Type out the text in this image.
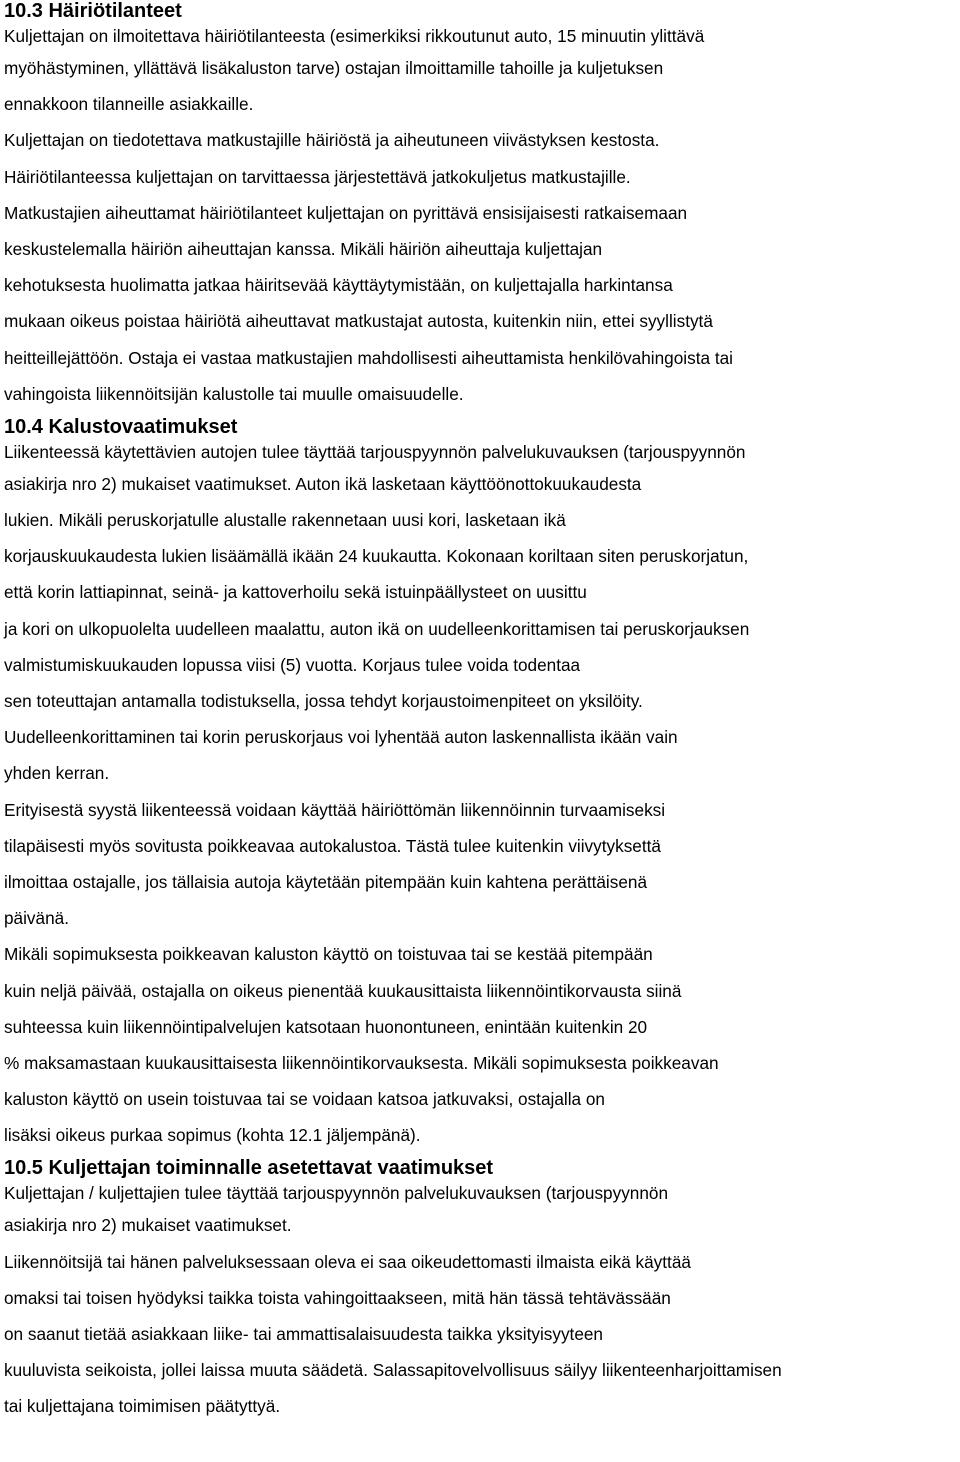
10.3 Häiriötilanteet
Kuljettajan on ilmoitettava häiriötilanteesta (esimerkiksi rikkoutunut auto, 15 minuutin ylittävä
myöhästyminen, yllättävä lisäkaluston tarve) ostajan ilmoittamille tahoille ja kuljetuksen
ennakkoon tilanneille asiakkaille.
Kuljettajan on tiedotettava matkustajille häiriöstä ja aiheutuneen viivästyksen kestosta.
Häiriötilanteessa kuljettajan on tarvittaessa järjestettävä jatkokuljetus matkustajille.
Matkustajien aiheuttamat häiriötilanteet kuljettajan on pyrittävä ensisijaisesti ratkaisemaan
keskustelemalla häiriön aiheuttajan kanssa. Mikäli häiriön aiheuttaja kuljettajan
kehotuksesta huolimatta jatkaa häiritsevää käyttäytymistään, on kuljettajalla harkintansa
mukaan oikeus poistaa häiriötä aiheuttavat matkustajat autosta, kuitenkin niin, ettei syyllistytä
heitteillejättöön. Ostaja ei vastaa matkustajien mahdollisesti aiheuttamista henkilövahingoista tai
vahingoista liikennöitsijän kalustolle tai muulle omaisuudelle.
10.4 Kalustovaatimukset
Liikenteessä käytettävien autojen tulee täyttää tarjouspyynnön palvelukuvauksen (tarjouspyynnön
asiakirja nro 2) mukaiset vaatimukset. Auton ikä lasketaan käyttöönottokuukaudesta
lukien. Mikäli peruskorjatulle alustalle rakennetaan uusi kori, lasketaan ikä
korjauskuukaudesta lukien lisäämällä ikään 24 kuukautta. Kokonaan koriltaan siten peruskorjatun,
että korin lattiapinnat, seinä- ja kattoverhoilu sekä istuinpäällysteet on uusittu
ja kori on ulkopuolelta uudelleen maalattu, auton ikä on uudelleenkorittamisen tai peruskorjauksen
valmistumiskuukauden lopussa viisi (5) vuotta. Korjaus tulee voida todentaa
sen toteuttajan antamalla todistuksella, jossa tehdyt korjaustoimenpiteet on yksilöity.
Uudelleenkorittaminen tai korin peruskorjaus voi lyhentää auton laskennallista ikään vain
yhden kerran.
Erityisestä syystä liikenteessä voidaan käyttää häiriöttömän liikennöinnin turvaamiseksi
tilapäisesti myös sovitusta poikkeavaa autokalustoa. Tästä tulee kuitenkin viivytyksettä
ilmoittaa ostajalle, jos tällaisia autoja käytetään pitempään kuin kahtena perättäisenä
päivänä.
Mikäli sopimuksesta poikkeavan kaluston käyttö on toistuvaa tai se kestää pitempään
kuin neljä päivää, ostajalla on oikeus pienentää kuukausittaista liikennöintikorvausta siinä
suhteessa kuin liikennöintipalvelujen katsotaan huonontuneen, enintään kuitenkin 20
% maksamastaan kuukausittaisesta liikennöintikorvauksesta. Mikäli sopimuksesta poikkeavan
kaluston käyttö on usein toistuvaa tai se voidaan katsoa jatkuvaksi, ostajalla on
lisäksi oikeus purkaa sopimus (kohta 12.1 jäljempänä).
10.5 Kuljettajan toiminnalle asetettavat vaatimukset
Kuljettajan / kuljettajien tulee täyttää tarjouspyynnön palvelukuvauksen (tarjouspyynnön
asiakirja nro 2) mukaiset vaatimukset.
Liikennöitsijä tai hänen palveluksessaan oleva ei saa oikeudettomasti ilmaista eikä käyttää
omaksi tai toisen hyödyksi taikka toista vahingoittaakseen, mitä hän tässä tehtävässään
on saanut tietää asiakkaan liike- tai ammattisalaisuudesta taikka yksityisyyteen
kuuluvista seikoista, jollei laissa muuta säädetä. Salassapitovelvollisuus säilyy liikenteenharjoittamisen
tai kuljettajana toimimisen päätyttyä.
